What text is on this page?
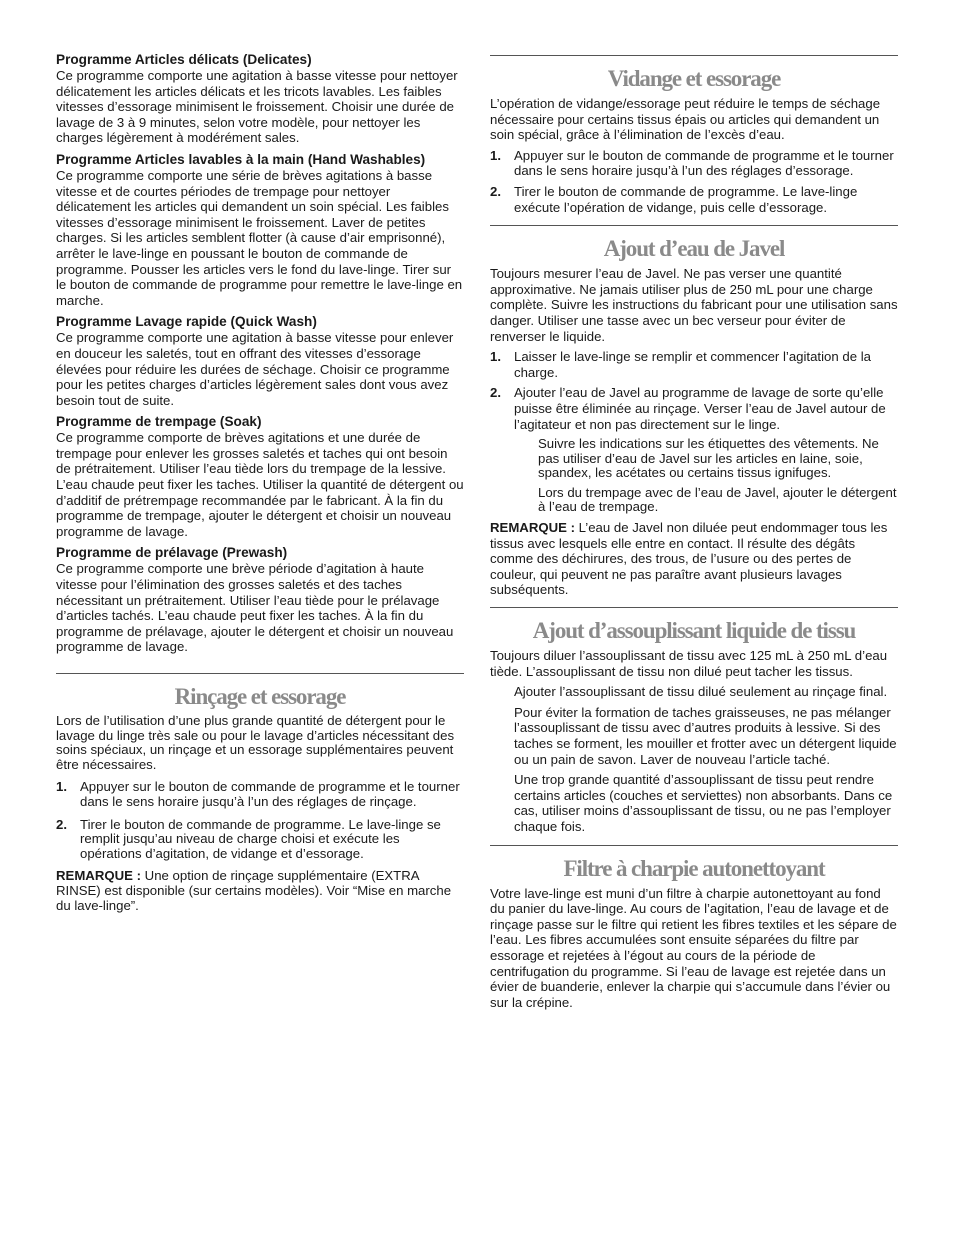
Programme Articles délicats (Delicates)

Ce programme comporte une agitation à basse vitesse pour nettoyer délicatement les articles délicats et les tricots lavables. Les faibles vitesses d’essorage minimisent le froissement. Choisir une durée de lavage de 3 à 9 minutes, selon votre modèle, pour nettoyer les charges légèrement à modérément sales.

Programme Articles lavables à la main (Hand Washables)

Ce programme comporte une série de brèves agitations à basse vitesse et de courtes périodes de trempage pour nettoyer délicatement les articles qui demandent un soin spécial. Les faibles vitesses d’essorage minimisent le froissement. Laver de petites charges. Si les articles semblent flotter (à cause d’air emprisonné), arrêter le lave-linge en poussant le bouton de commande de programme. Pousser les articles vers le fond du lave-linge. Tirer sur le bouton de commande de programme pour remettre le lave-linge en marche.

Programme Lavage rapide (Quick Wash)

Ce programme comporte une agitation à basse vitesse pour enlever en douceur les saletés, tout en offrant des vitesses d’essorage élevées pour réduire les durées de séchage. Choisir ce programme pour les petites charges d’articles légèrement sales dont vous avez besoin tout de suite.

Programme de trempage (Soak)

Ce programme comporte de brèves agitations et une durée de trempage pour enlever les grosses saletés et taches qui ont besoin de prétraitement. Utiliser l’eau tiède lors du trempage de la lessive. L’eau chaude peut fixer les taches. Utiliser la quantité de détergent ou d’additif de prétrempage recommandée par le fabricant. À la fin du programme de trempage, ajouter le détergent et choisir un nouveau programme de lavage.

Programme de prélavage (Prewash)

Ce programme comporte une brève période d’agitation à haute vitesse pour l’élimination des grosses saletés et des taches nécessitant un prétraitement. Utiliser l’eau tiède pour le prélavage d’articles tachés. L’eau chaude peut fixer les taches. À la fin du programme de prélavage, ajouter le détergent et choisir un nouveau programme de lavage.

Rinçage et essorage

Lors de l’utilisation d’une plus grande quantité de détergent pour le lavage du linge très sale ou pour le lavage d’articles nécessitant des soins spéciaux, un rinçage et un essorage supplémentaires peuvent être nécessaires.

1. Appuyer sur le bouton de commande de programme et le tourner dans le sens horaire jusqu’à l’un des réglages de rinçage.
2. Tirer le bouton de commande de programme. Le lave-linge se remplit jusqu’au niveau de charge choisi et exécute les opérations d’agitation, de vidange et d’essorage.

REMARQUE : Une option de rinçage supplémentaire (EXTRA RINSE) est disponible (sur certains modèles). Voir “Mise en marche du lave-linge”.

Vidange et essorage

L’opération de vidange/essorage peut réduire le temps de séchage nécessaire pour certains tissus épais ou articles qui demandent un soin spécial, grâce à l’élimination de l’excès d’eau.

1. Appuyer sur le bouton de commande de programme et le tourner dans le sens horaire jusqu’à l’un des réglages d’essorage.
2. Tirer le bouton de commande de programme. Le lave-linge exécute l’opération de vidange, puis celle d’essorage.
Ajout d’eau de Javel

Toujours mesurer l’eau de Javel. Ne pas verser une quantité approximative. Ne jamais utiliser plus de 250 mL pour une charge complète. Suivre les instructions du fabricant pour une utilisation sans danger. Utiliser une tasse avec un bec verseur pour éviter de renverser le liquide.

1. Laisser le lave-linge se remplir et commencer l’agitation de la charge.
2. Ajouter l’eau de Javel au programme de lavage de sorte qu’elle puisse être éliminée au rinçage. Verser l’eau de Javel autour de l’agitateur et non pas directement sur le linge.

Suivre les indications sur les étiquettes des vêtements. Ne pas utiliser d’eau de Javel sur les articles en laine, soie, spandex, les acétates ou certains tissus ignifuges.

Lors du trempage avec de l’eau de Javel, ajouter le détergent à l’eau de trempage.

REMARQUE : L’eau de Javel non diluée peut endommager tous les tissus avec lesquels elle entre en contact. Il résulte des dégâts comme des déchirures, des trous, de l’usure ou des pertes de couleur, qui peuvent ne pas paraître avant plusieurs lavages subséquents.

Ajout d’assouplissant liquide de tissu

Toujours diluer l’assouplissant de tissu avec 125 mL à 250 mL d’eau tiède. L’assouplissant de tissu non dilué peut tacher les tissus.

Ajouter l’assouplissant de tissu dilué seulement au rinçage final.

Pour éviter la formation de taches graisseuses, ne pas mélanger l’assouplissant de tissu avec d’autres produits à lessive. Si des taches se forment, les mouiller et frotter avec un détergent liquide ou un pain de savon. Laver de nouveau l’article taché.

Une trop grande quantité d’assouplissant de tissu peut rendre certains articles (couches et serviettes) non absorbants. Dans ce cas, utiliser moins d’assouplissant de tissu, ou ne pas l’employer chaque fois.

Filtre à charpie autonettoyant

Votre lave-linge est muni d’un filtre à charpie autonettoyant au fond du panier du lave-linge. Au cours de l’agitation, l’eau de lavage et de rinçage passe sur le filtre qui retient les fibres textiles et les sépare de l’eau. Les fibres accumulées sont ensuite séparées du filtre par essorage et rejetées à l’égout au cours de la période de centrifugation du programme. Si l’eau de lavage est rejetée dans un évier de buanderie, enlever la charpie qui s’accumule dans l’évier ou sur la crépine.
